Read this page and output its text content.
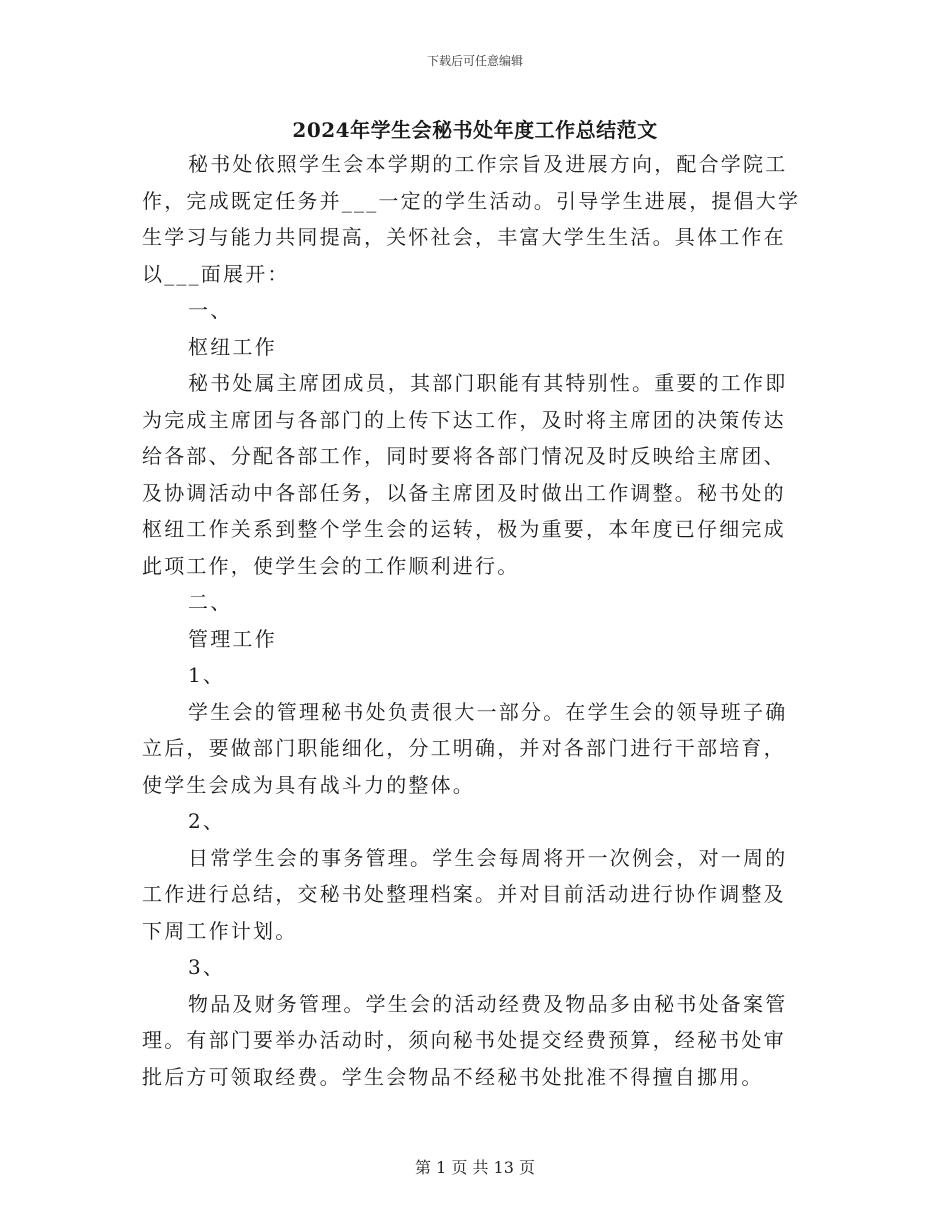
下载后可任意编辑
2024年学生会秘书处年度工作总结范文

秘书处依照学生会本学期的工作宗旨及进展方向，配合学院工作，完成既定任务并___一定的学生活动。引导学生进展，提倡大学生学习与能力共同提高，关怀社会，丰富大学生生活。具体工作在以___面展开：

一、

枢纽工作

秘书处属主席团成员，其部门职能有其特别性。重要的工作即为完成主席团与各部门的上传下达工作，及时将主席团的决策传达给各部、分配各部工作，同时要将各部门情况及时反映给主席团、及协调活动中各部任务，以备主席团及时做出工作调整。秘书处的枢纽工作关系到整个学生会的运转，极为重要，本年度已仔细完成此项工作，使学生会的工作顺利进行。

二、

管理工作

1、

学生会的管理秘书处负责很大一部分。在学生会的领导班子确立后，要做部门职能细化，分工明确，并对各部门进行干部培育，使学生会成为具有战斗力的整体。

2、

日常学生会的事务管理。学生会每周将开一次例会，对一周的工作进行总结，交秘书处整理档案。并对目前活动进行协作调整及下周工作计划。

3、

物品及财务管理。学生会的活动经费及物品多由秘书处备案管理。有部门要举办活动时，须向秘书处提交经费预算，经秘书处审批后方可领取经费。学生会物品不经秘书处批准不得擅自挪用。

第 1 页 共 13 页
